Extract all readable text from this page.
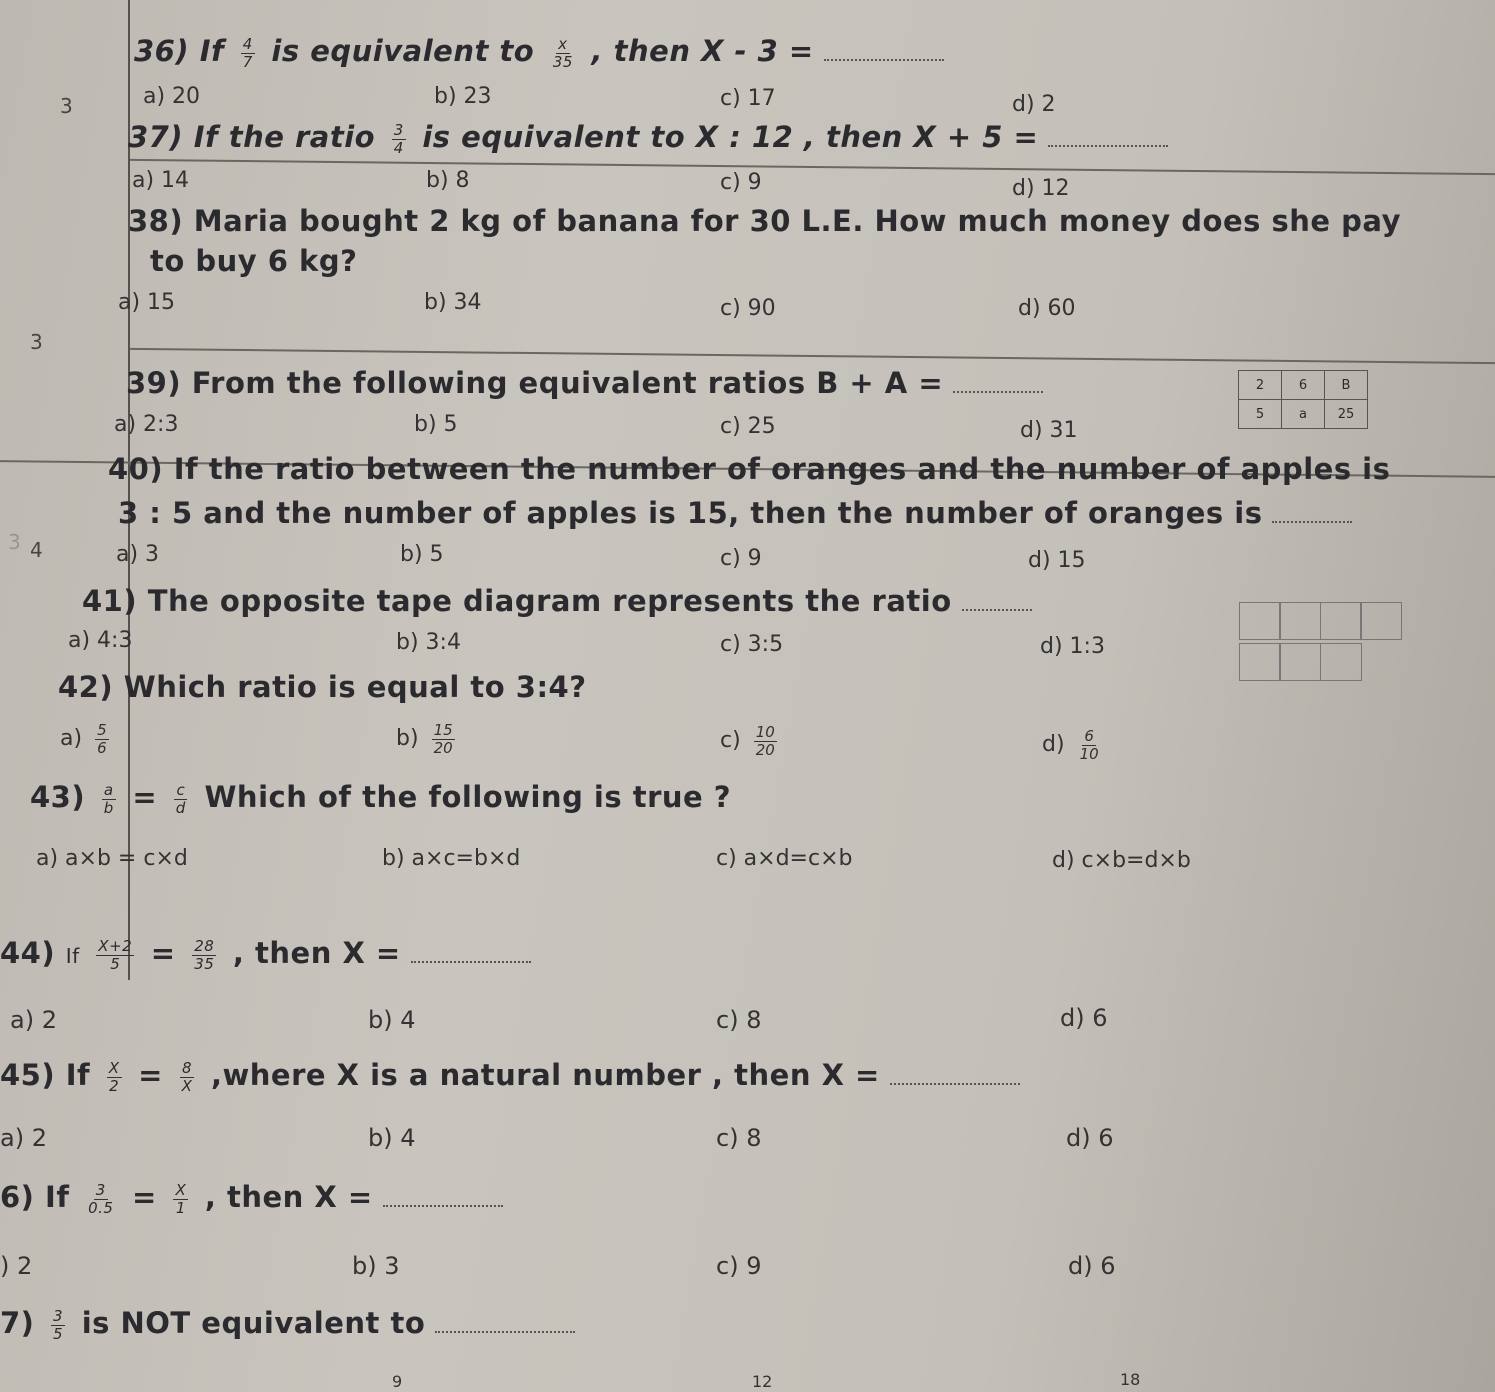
3
3
3
36) If $\frac{4}{7}$ is equivalent to $\frac{x}{35}$ , then X - 3 =
a) 20	b) 23	c) 17	d) 2
37) If the ratio $\frac{3}{4}$ is equivalent to X : 12 , then X + 5 =
a) 14	b) 8	c) 9	d) 12
38) Maria bought 2 kg of banana for 30 L.E. How much money does she pay
to buy 6 kg?
a) 15	b) 34	c) 90	d) 60
39) From the following equivalent ratios B + A =
a) 2:3	b) 5	c) 25	d) 31
2	6	B
5	a	25
40) If the ratio between the number of oranges and the number of apples is
3 : 5 and the number of apples is 15, then the number of oranges is
a) 3	b) 5	c) 9	d) 15
4
41) The opposite tape diagram represents the ratio
a) 4:3	b) 3:4	c) 3:5	d) 1:3
42) Which ratio is equal to 3:4?
$a) \frac{5}{6}$	$b) \frac{15}{20}$	$c) \frac{10}{20}$	$d) \frac{6}{10}$
$43) \frac{a}{b} = \frac{c}{d}$ Which of the following is true ?
a) a×b = c×d	b) a×c=b×d	c) a×d=c×b	d) c×b=d×b
44) If $\frac{X+2}{5} = \frac{28}{35}$ , then X =
a) 2	b) 4	c) 8	d) 6
45) If $\frac{X}{2} = \frac{8}{X}$ ,where X is a natural number , then X =
a) 2	b) 4	c) 8	d) 6
6) If $\frac{3}{0.5} = \frac{X}{1}$ , then X =
) 2	b) 3	c) 9	d) 6
$7) \frac{3}{5}$ is NOT equivalent to
9	12	18
